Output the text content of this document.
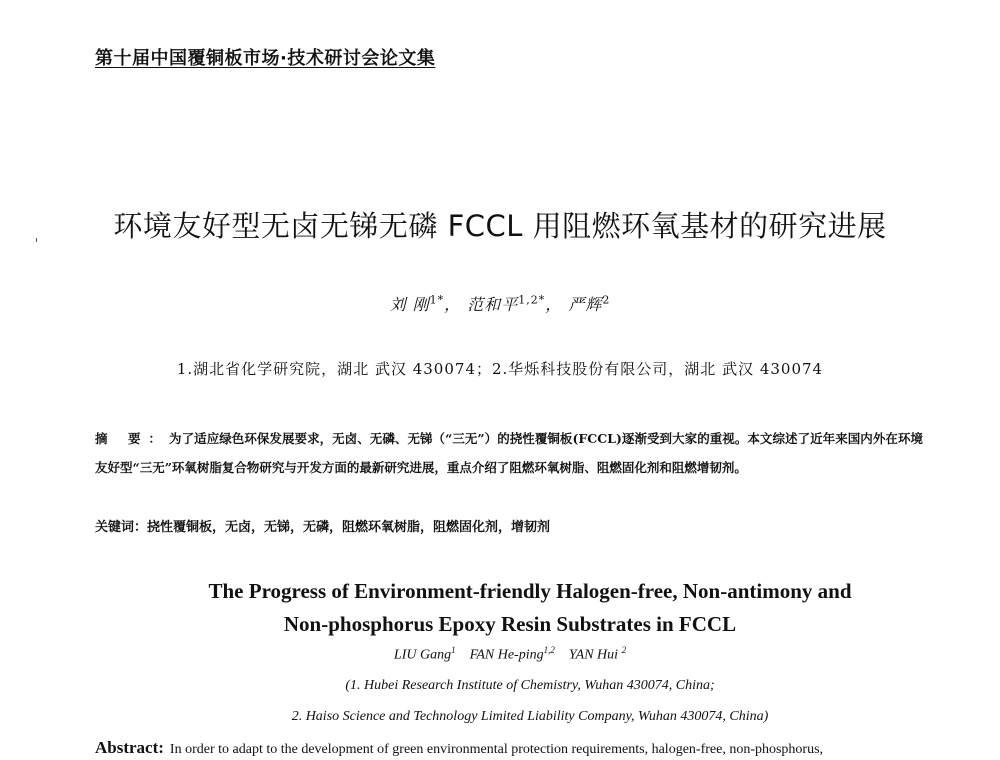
第十届中国覆铜板市场·技术研讨会论文集
环境友好型无卤无锑无磷 FCCL 用阻燃环氧基材的研究进展
刘 刚$^{1*}$， 范和平$^{1,2*}$， 严辉$^2$
1.湖北省化学研究院，湖北 武汉 430074；2.华烁科技股份有限公司，湖北 武汉 430074
摘 要：为了适应绿色环保发展要求，无卤、无磷、无锑（“三无”）的挠性覆铜板(FCCL)逐渐受到大家的重视。本文综述了近年来国内外在环境友好型“三无”环氧树脂复合物研究与开发方面的最新研究进展，重点介绍了阻燃环氧树脂、阻燃固化剂和阻燃增韧剂。
关键词：挠性覆铜板，无卤，无锑，无磷，阻燃环氧树脂，阻燃固化剂，增韧剂
The Progress of Environment-friendly Halogen-free, Non-antimony and
Non-phosphorus Epoxy Resin Substrates in FCCL
LIU Gang$^1$ FAN He-ping$^{1,2}$ YAN Hui $^2$
(1. Hubei Research Institute of Chemistry, Wuhan 430074, China;
2. Haiso Science and Technology Limited Liability Company, Wuhan 430074, China)
Abstract: In order to adapt to the development of green environmental protection requirements, halogen-free, non-phosphorus,
